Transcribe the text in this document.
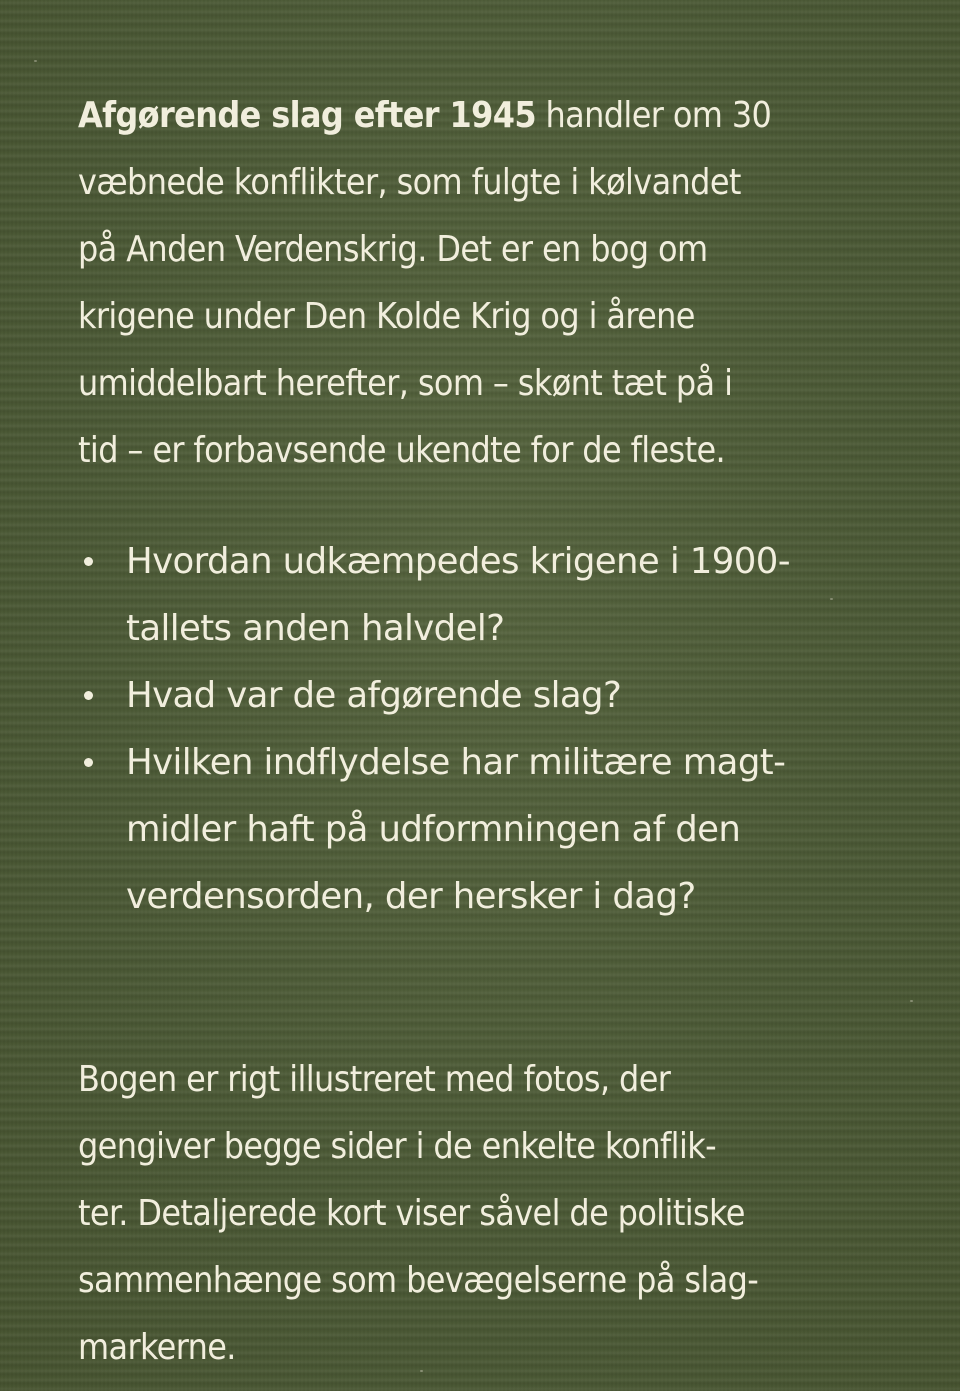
Afgørende slag efter 1945 handler om 30
væbnede konflikter, som fulgte i kølvandet
på Anden Verdenskrig. Det er en bog om
krigene under Den Kolde Krig og i årene
umiddelbart herefter, som – skønt tæt på i
tid – er forbavsende ukendte for de fleste.

Hvordan udkæmpedes krigene i 1900-
tallets anden halvdel?
Hvad var de afgørende slag?
Hvilken indflydelse har militære magt-
midler haft på udformningen af den
verdensorden, der hersker i dag?

Bogen er rigt illustreret med fotos, der
gengiver begge sider i de enkelte konflik-
ter. Detaljerede kort viser såvel de politiske
sammenhænge som bevægelserne på slag-
markerne.
